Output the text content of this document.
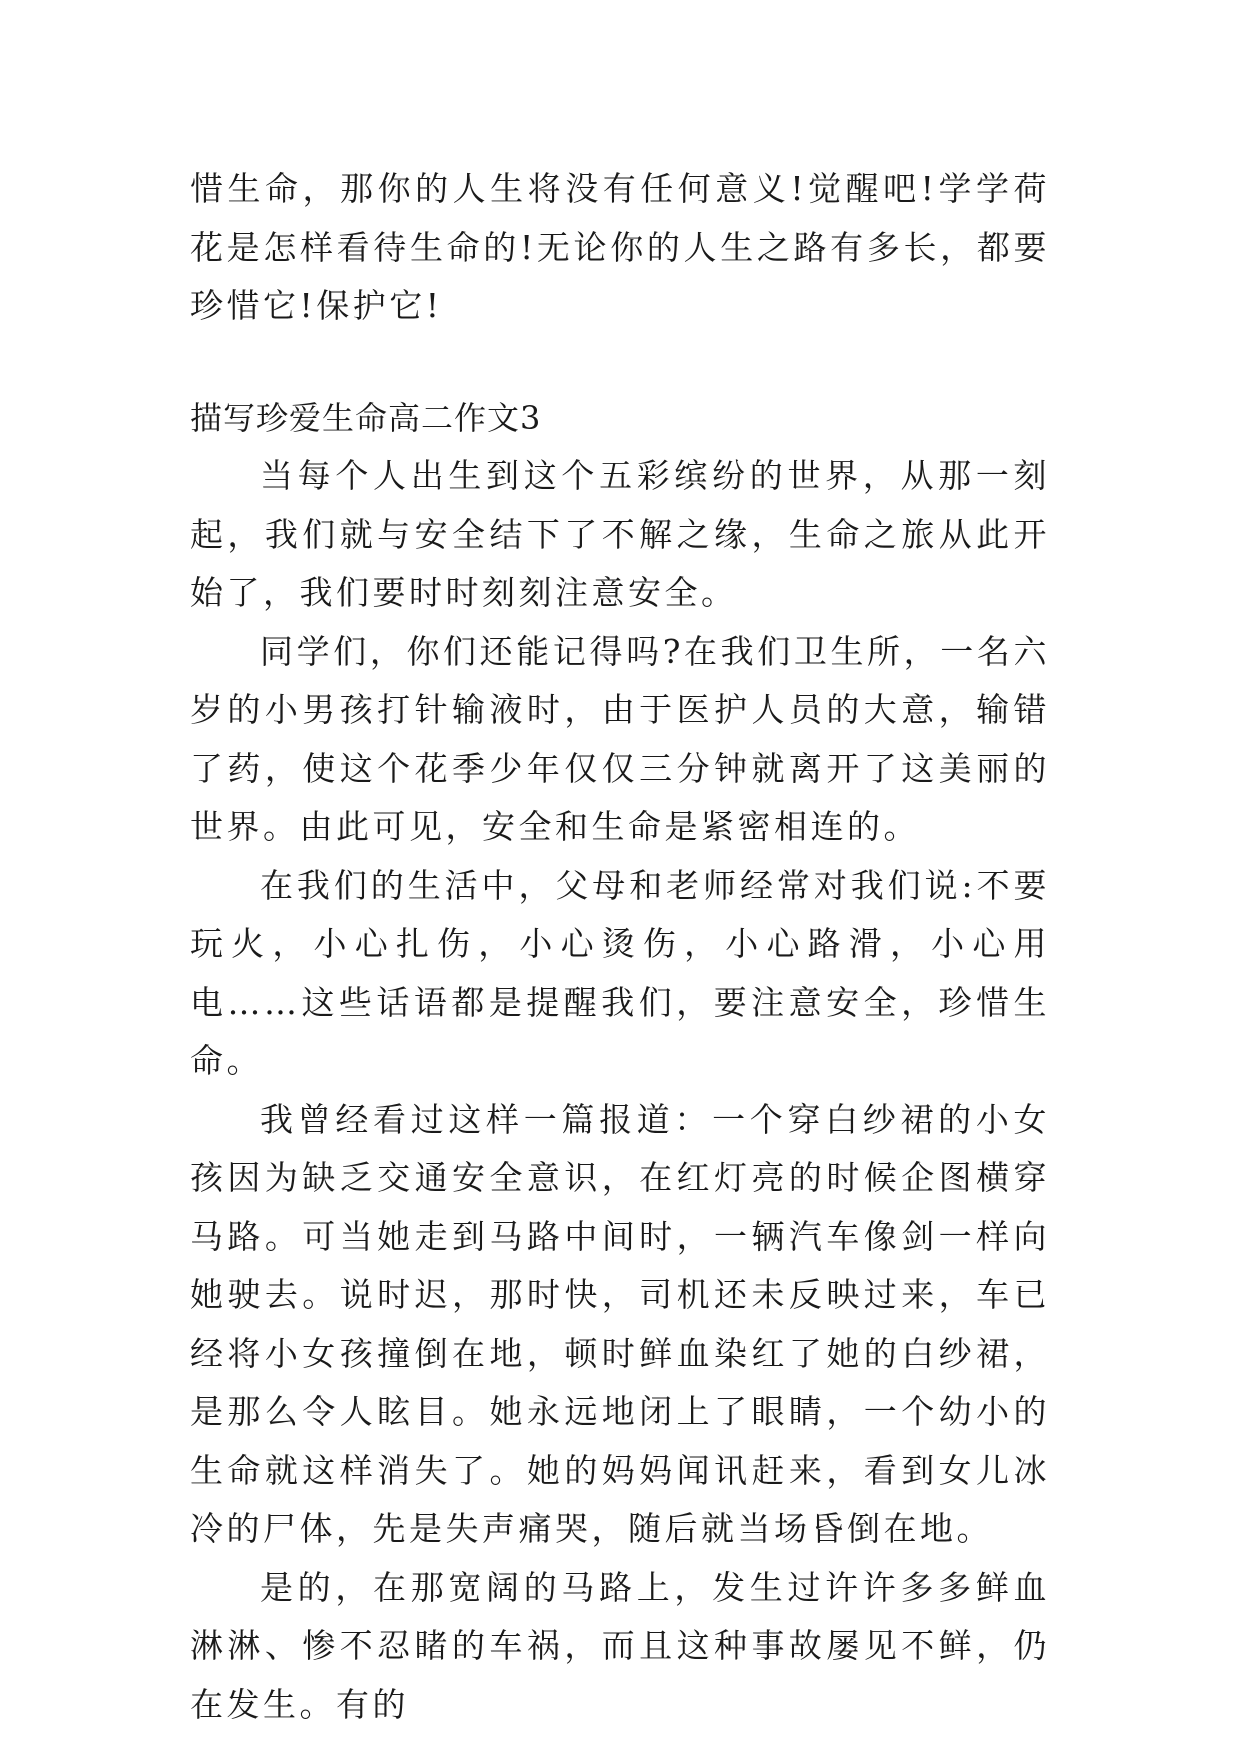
惜生命，那你的人生将没有任何意义!觉醒吧!学学荷花是怎样看待生命的!无论你的人生之路有多长，都要珍惜它!保护它!

描写珍爱生命高二作文3

当每个人出生到这个五彩缤纷的世界，从那一刻起，我们就与安全结下了不解之缘，生命之旅从此开始了，我们要时时刻刻注意安全。

同学们，你们还能记得吗?在我们卫生所，一名六岁的小男孩打针输液时，由于医护人员的大意，输错了药，使这个花季少年仅仅三分钟就离开了这美丽的世界。由此可见，安全和生命是紧密相连的。

在我们的生活中，父母和老师经常对我们说:不要玩火，小心扎伤，小心烫伤，小心路滑，小心用电……这些话语都是提醒我们，要注意安全，珍惜生命。

我曾经看过这样一篇报道：一个穿白纱裙的小女孩因为缺乏交通安全意识，在红灯亮的时候企图横穿马路。可当她走到马路中间时，一辆汽车像剑一样向她驶去。说时迟，那时快，司机还未反映过来，车已经将小女孩撞倒在地，顿时鲜血染红了她的白纱裙，是那么令人眩目。她永远地闭上了眼睛，一个幼小的生命就这样消失了。她的妈妈闻讯赶来，看到女儿冰冷的尸体，先是失声痛哭，随后就当场昏倒在地。

是的，在那宽阔的马路上，发生过许许多多鲜血淋淋、惨不忍睹的车祸，而且这种事故屡见不鲜，仍在发生。有的
